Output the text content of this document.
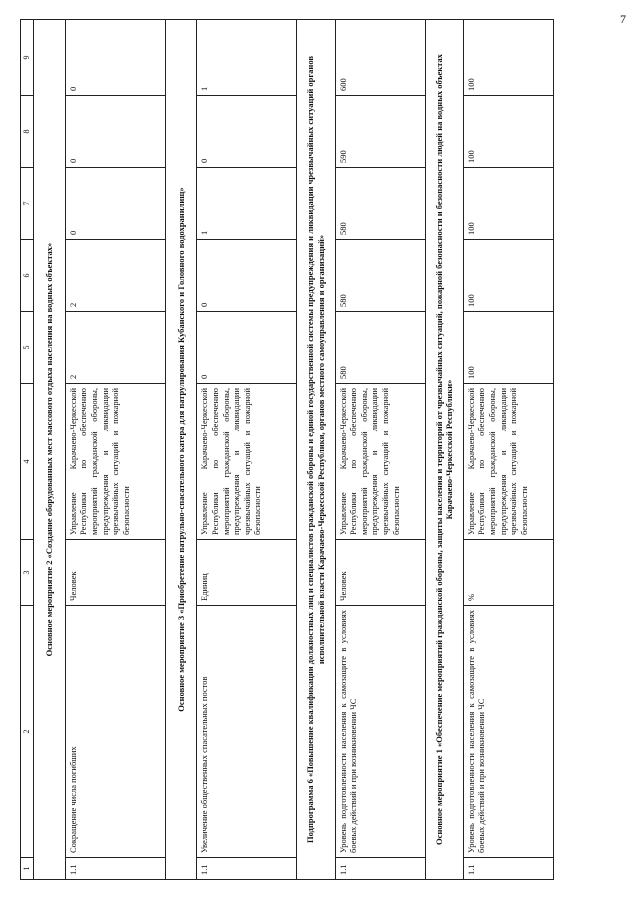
7
1	2	3	4	5	6	7	8	9
Основное мероприятие 2 «Создание оборудованных мест массового отдыха населения на водных объектах»								
1.1	Сокращение числа погибших	Человек	Управление Карачаево-Черкесской Республики по обеспечению мероприятий гражданской обороны, предупреждения и ликвидации чрезвычайных ситуаций и пожарной безопасности	2	2	0	0	0
Основное мероприятие 3 «Приобретение патрульно-спасательного катера для патрулирования Кубанского и Головного водохранилищ»								
1.1	Увеличение общественных спасательных постов	Единиц	Управление Карачаево-Черкесской Республики по обеспечению мероприятий гражданской обороны, предупреждения и ликвидации чрезвычайных ситуаций и пожарной безопасности	0	0	1	0	1
Подпрограмма 6 «Повышение квалификации должностных лиц и специалистов гражданской обороны и единой государственной системы предупреждения и ликвидации чрезвычайных ситуаций органов исполнительной власти Карачаево-Черкесской Республики, органов местного самоуправления и организаций»								
1.1	Уровень подготовленности населения к самозащите в условиях боевых действий и при возникновении ЧС	Человек	Управление Карачаево-Черкесской Республики по обеспечению мероприятий гражданской обороны, предупреждения и ликвидации чрезвычайных ситуаций и пожарной безопасности	580	580	580	590	600
Основное мероприятие 1 «Обеспечение мероприятий гражданской обороны, защиты населения и территорий от чрезвычайных ситуаций, пожарной безопасности и безопасности людей на водных объектах Карачаево-Черкесской Республики»								
1.1	Уровень подготовленности населения к самозащите в условиях боевых действий и при возникновении ЧС	%	Управление Карачаево-Черкесской Республики по обеспечению мероприятий гражданской обороны, предупреждения и ликвидации чрезвычайных ситуаций и пожарной безопасности	100	100	100	100	100
